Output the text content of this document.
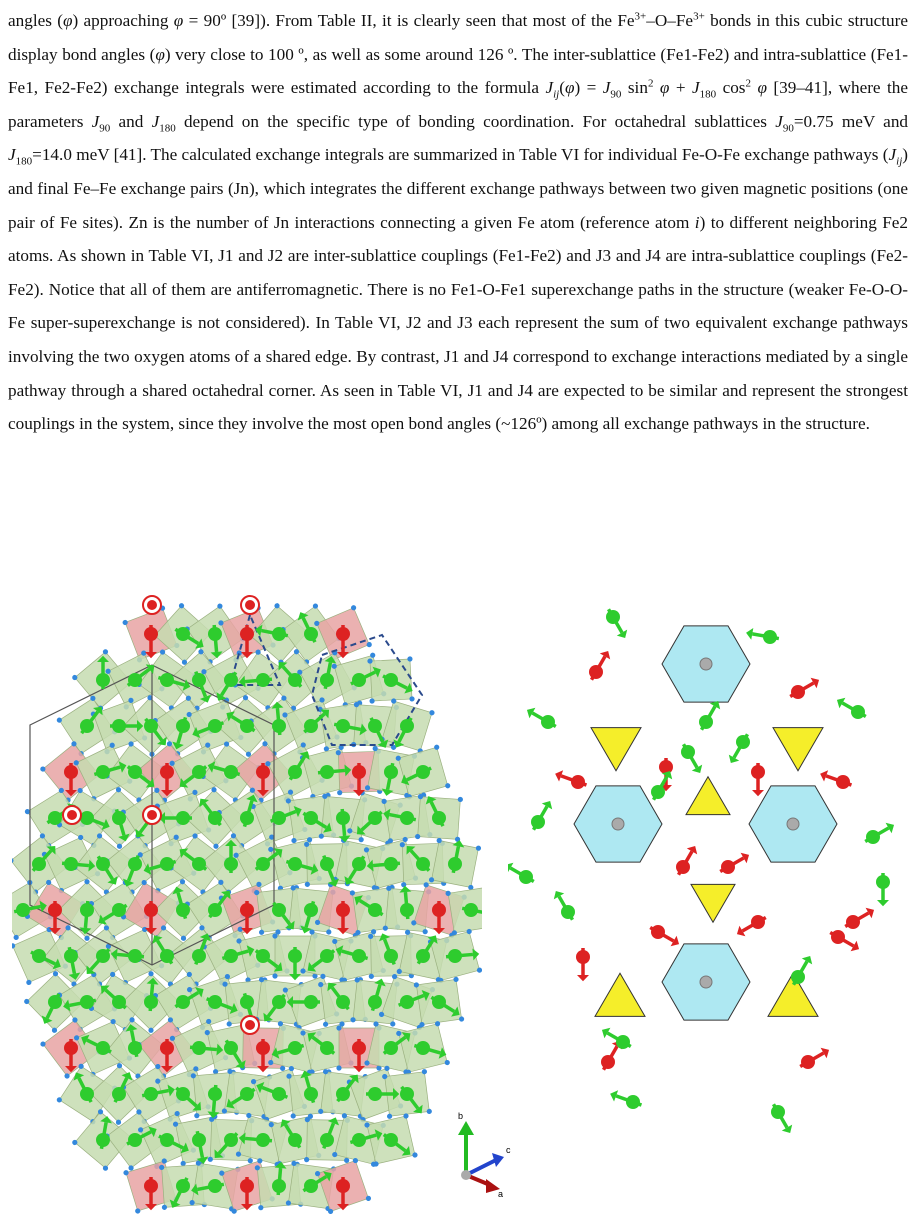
angles (φ) approaching φ = 90º [39]). From Table II, it is clearly seen that most of the $Fe^{3+}-O-Fe^{3+}$ bonds in this cubic structure display bond angles (φ) very close to 100 º, as well as some around 126 º. The inter-sublattice (Fe1-Fe2) and intra-sublattice (Fe1-Fe1, Fe2-Fe2) exchange integrals were estimated according to the formula $J_{ij}(\varphi) = J_{90}$ $\sin^2 \varphi + J_{180}$ $\cos^2 \varphi$ [39–41], where the parameters $J_{90}$ and $J_{180}$ depend on the specific type of bonding coordination. For octahedral sublattices $J_{90}=0.75$ meV and $J_{180}=14.0$ meV [41]. The calculated exchange integrals are summarized in Table VI for individual Fe-O-Fe exchange pathways $(J_{ij})$ and final Fe–Fe exchange pairs (Jn), which integrates the different exchange pathways between two given magnetic positions (one pair of Fe sites). Zn is the number of Jn interactions connecting a given Fe atom (reference atom i) to different neighboring Fe2 atoms. As shown in Table VI, J1 and J2 are inter-sublattice couplings (Fe1-Fe2) and J3 and J4 are intra-sublattice couplings (Fe2-Fe2). Notice that all of them are antiferromagnetic. There is no Fe1-O-Fe1 superexchange paths in the structure (weaker Fe-O-O-Fe super-superexchange is not considered). In Table VI, J2 and J3 each represent the sum of two equivalent exchange pathways involving the two oxygen atoms of a shared edge. By contrast, J1 and J4 correspond to exchange interactions mediated by a single pathway through a shared octahedral corner. As seen in Table VI, J1 and J4 are expected to be similar and represent the strongest couplings in the system, since they involve the most open bond angles (~126º) among all exchange pathways in the structure.

b
c
a
